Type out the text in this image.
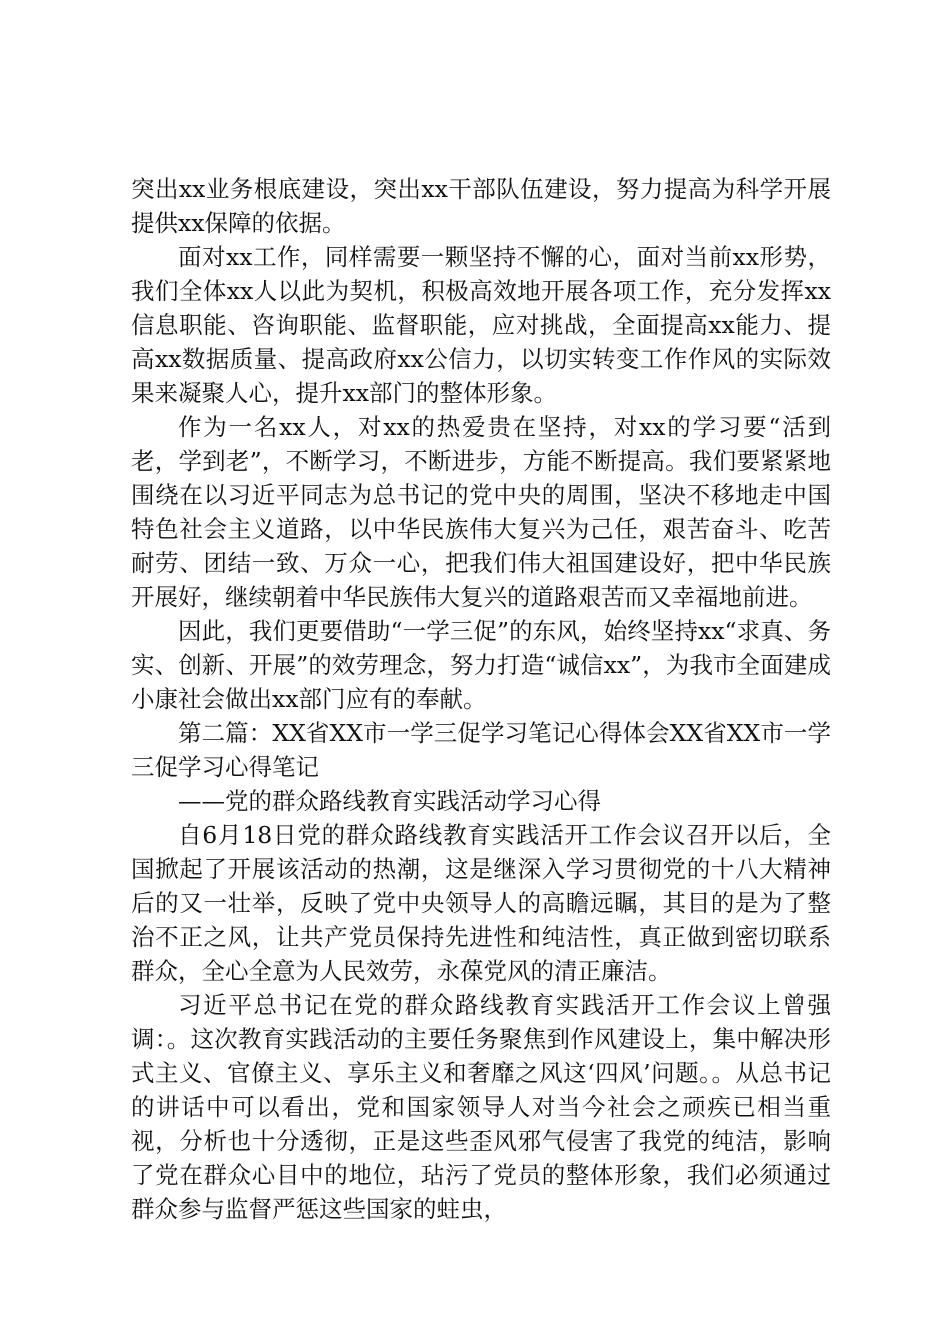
突出xx业务根底建设，突出xx干部队伍建设，努力提高为科学开展提供xx保障的依据。

面对xx工作，同样需要一颗坚持不懈的心，面对当前xx形势，我们全体xx人以此为契机，积极高效地开展各项工作，充分发挥xx信息职能、咨询职能、监督职能，应对挑战，全面提高xx能力、提高xx数据质量、提高政府xx公信力，以切实转变工作作风的实际效果来凝聚人心，提升xx部门的整体形象。

作为一名xx人，对xx的热爱贵在坚持，对xx的学习要“活到老，学到老”，不断学习，不断进步，方能不断提高。我们要紧紧地围绕在以习近平同志为总书记的党中央的周围，坚决不移地走中国特色社会主义道路，以中华民族伟大复兴为己任，艰苦奋斗、吃苦耐劳、团结一致、万众一心，把我们伟大祖国建设好，把中华民族开展好，继续朝着中华民族伟大复兴的道路艰苦而又幸福地前进。

因此，我们更要借助“一学三促”的东风，始终坚持xx“求真、务实、创新、开展”的效劳理念，努力打造“诚信xx”，为我市全面建成小康社会做出xx部门应有的奉献。

第二篇：XX省XX市一学三促学习笔记心得体会XX省XX市一学三促学习心得笔记

——党的群众路线教育实践活动学习心得

自6月18日党的群众路线教育实践活开工作会议召开以后，全国掀起了开展该活动的热潮，这是继深入学习贯彻党的十八大精神后的又一壮举，反映了党中央领导人的高瞻远瞩，其目的是为了整治不正之风，让共产党员保持先进性和纯洁性，真正做到密切联系群众，全心全意为人民效劳，永葆党风的清正廉洁。

习近平总书记在党的群众路线教育实践活开工作会议上曾强调：。这次教育实践活动的主要任务聚焦到作风建设上，集中解决形式主义、官僚主义、享乐主义和奢靡之风这‘四风’问题。。从总书记的讲话中可以看出，党和国家领导人对当今社会之顽疾已相当重视，分析也十分透彻，正是这些歪风邪气侵害了我党的纯洁，影响了党在群众心目中的地位，玷污了党员的整体形象，我们必须通过群众参与监督严惩这些国家的蛀虫，
